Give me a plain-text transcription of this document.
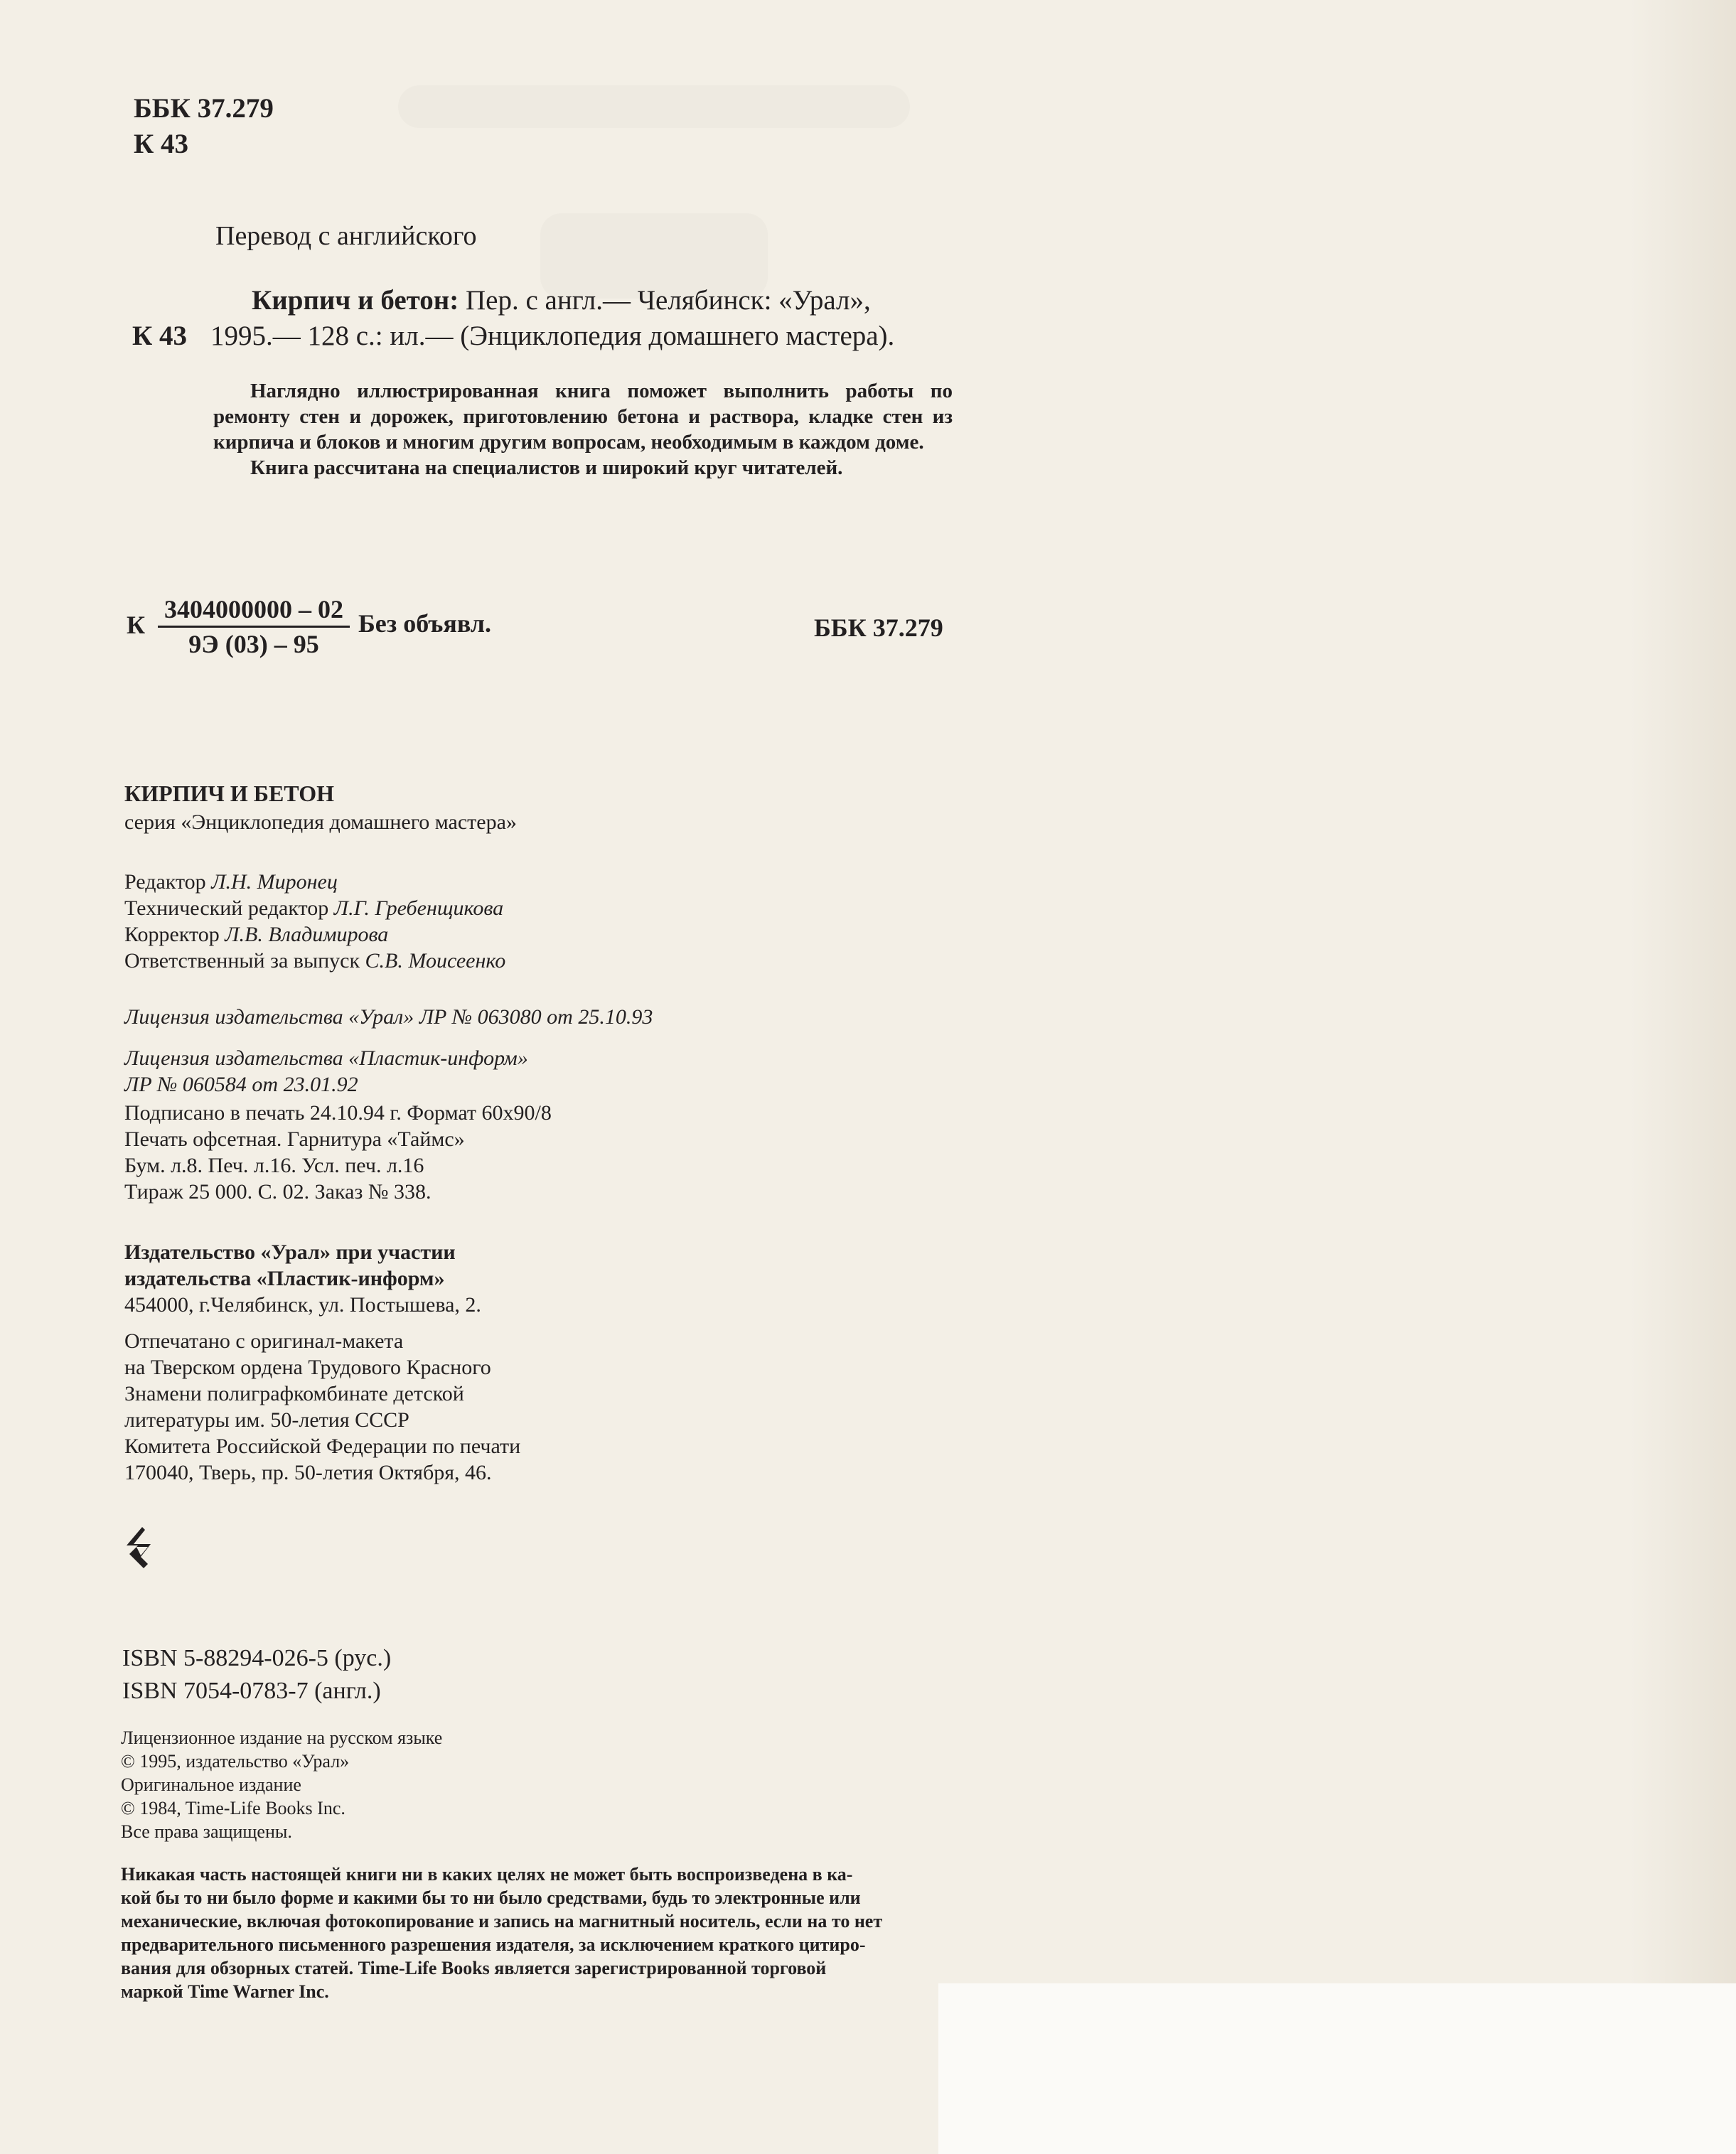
ББК 37.279
К 43
Перевод с английского
Кирпич и бетон: Пер. с англ.— Челябинск: «Урал»,
К 43 1995.— 128 с.: ил.— (Энциклопедия домашнего мастера).

Наглядно иллюстрированная книга поможет выполнить работы по ремонту стен и дорожек, приготовлению бетона и раствора, кладке стен из кирпича и блоков и многим другим вопросам, необходимым в каждом доме.

Книга рассчитана на специалистов и широкий круг читателей.

К
3404000000 – 02
9Э (03) – 95
Без объявл.	ББК 37.279
КИРПИЧ И БЕТОН
серия «Энциклопедия домашнего мастера»
Редактор Л.Н. Миронец
Технический редактор Л.Г. Гребенщикова
Корректор Л.В. Владимирова
Ответственный за выпуск С.В. Моисеенко
Лицензия издательства «Урал» ЛР № 063080 от 25.10.93
Лицензия издательства «Пластик-информ»
ЛР № 060584 от 23.01.92
Подписано в печать 24.10.94 г. Формат 60х90/8
Печать офсетная. Гарнитура «Таймс»
Бум. л.8. Печ. л.16. Усл. печ. л.16
Тираж 25 000. С. 02. Заказ № 338.
Издательство «Урал» при участии
издательства «Пластик-информ»
454000, г.Челябинск, ул. Постышева, 2.
Отпечатано с оригинал-макета
на Тверском ордена Трудового Красного
Знамени полиграфкомбинате детской
литературы им. 50-летия СССР
Комитета Российской Федерации по печати
170040, Тверь, пр. 50-летия Октября, 46.
ISBN 5-88294-026-5 (рус.)
ISBN 7054-0783-7 (англ.)
Лицензионное издание на русском языке
© 1995, издательство «Урал»
Оригинальное издание
© 1984, Time-Life Books Inc.
Все права защищены.
Никакая часть настоящей книги ни в каких целях не может быть воспроизведена в ка-
кой бы то ни было форме и какими бы то ни было средствами, будь то электронные или
механические, включая фотокопирование и запись на магнитный носитель, если на то нет
предварительного письменного разрешения издателя, за исключением краткого цитиро-
вания для обзорных статей. Time-Life Books является зарегистрированной торговой
маркой Time Warner Inc.
